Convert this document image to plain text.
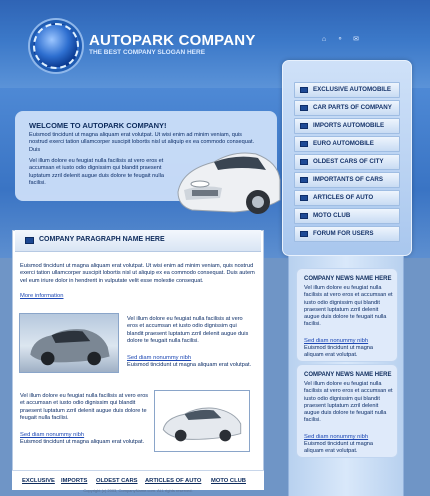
AUTOPARK COMPANY
THE BEST COMPANY SLOGAN HERE
⌂ ⚬ ✉
WELCOME TO AUTOPARK COMPANY!
Euismod tincidunt ut magna aliquam erat volutpat. Ut wisi enim ad minim veniam, quis nostrud exerci tation ullamcorper suscipit lobortis nisl ut aliquip ex ea commodo consequat. Duis
Vel illum dolore eu feugiat nulla facilisis at vero eros et accumsan et iusto odio dignissim qui blandit praesent luptatum zzril delenit augue duis dolore te feugait nulla facilisi.
EXCLUSIVE AUTOMOBILE
CAR PARTS OF COMPANY
IMPORTS AUTOMOBILE
EURO AUTOMOBILE
OLDEST CARS OF CITY
IMPORTANTS OF CARS
ARTICLES OF AUTO
MOTO CLUB
FORUM FOR USERS
COMPANY PARAGRAPH NAME HERE
Euismod tincidunt ut magna aliquam erat volutpat. Ut wisi enim ad minim veniam, quis nostrud exerci tation ullamcorper suscipit lobortis nisl ut aliquip ex ea commodo consequat. Duis autem vel eum iriure dolor in hendrerit in vulputate velit esse molestie consequat.
More information
Vel illum dolore eu feugiat nulla facilisis at vero eros et accumsan et iusto odio dignissim qui blandit praesent luptatum zzril delenit augue duis dolore te feugait nulla facilisi.
Sed diam nonummy nibh
Euismod tincidunt ut magna aliquam erat volutpat.
Vel illum dolore eu feugiat nulla facilisis at vero eros et accumsan et iusto odio dignissim qui blandit praesent luptatum zzril delenit augue duis dolore te feugait nulla facilisi.
Sed diam nonummy nibh
Euismod tincidunt ut magna aliquam erat volutpat.
EXCLUSIVE IMPORTS OLDEST CARS ARTICLES OF AUTO MOTO CLUB
Copyright (c) 2003, CompanyName.com. ALL rights reserved.
COMPANY NEWS NAME HERE
Vel illum dolore eu feugiat nulla facilisis at vero eros et accumsan et iusto odio dignissim qui blandit praesent luptatum zzril delenit augue duis dolore te feugait nulla facilisi.
Sed diam nonummy nibh
Euismod tincidunt ut magna aliquam erat volutpat.
COMPANY NEWS NAME HERE
Vel illum dolore eu feugiat nulla facilisis at vero eros et accumsan et iusto odio dignissim qui blandit praesent luptatum zzril delenit augue duis dolore te feugait nulla facilisi.
Sed diam nonummy nibh
Euismod tincidunt ut magna aliquam erat volutpat.
